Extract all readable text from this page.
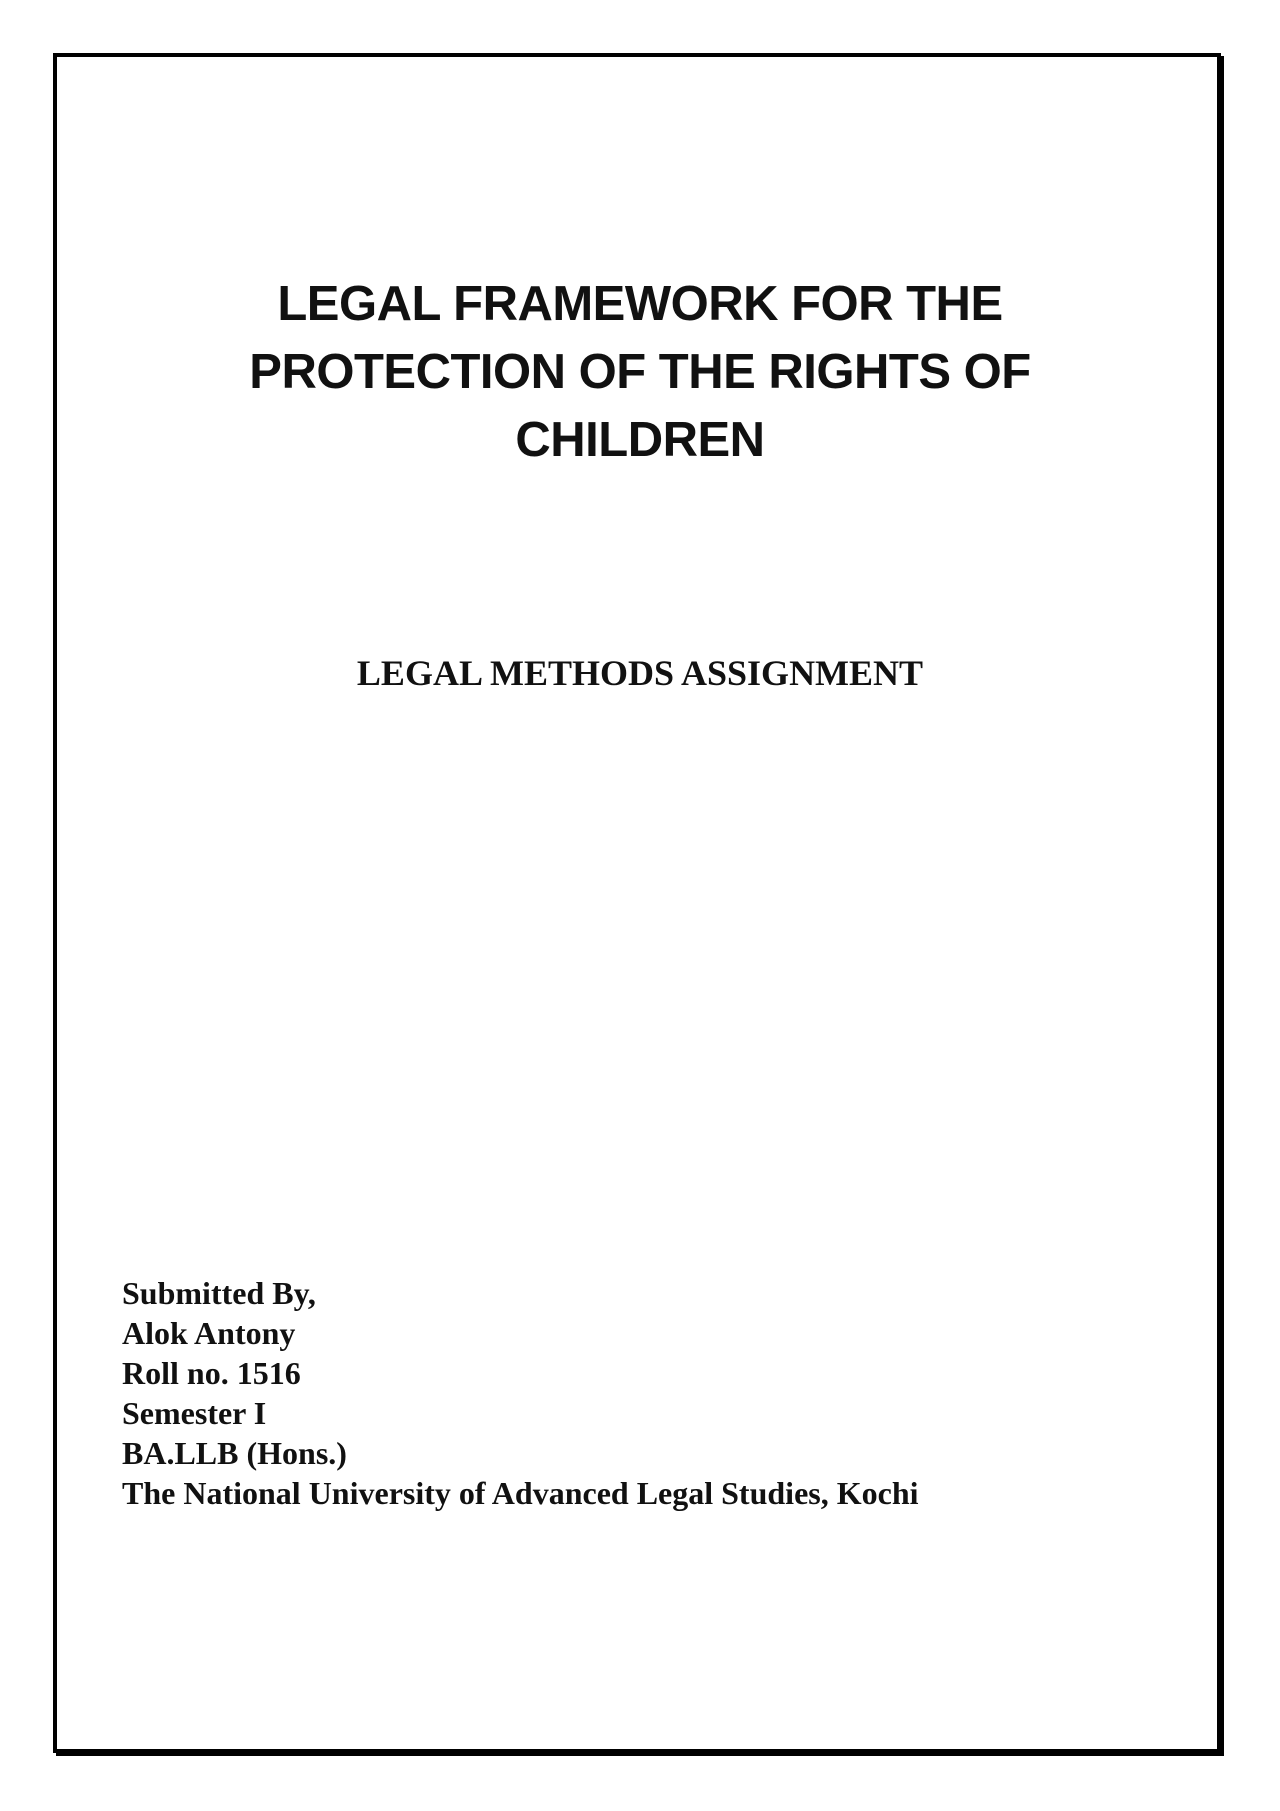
LEGAL FRAMEWORK FOR THE
PROTECTION OF THE RIGHTS OF
CHILDREN
LEGAL METHODS ASSIGNMENT
Submitted By,
Alok Antony
Roll no. 1516
Semester I
BA.LLB (Hons.)
The National University of Advanced Legal Studies, Kochi
